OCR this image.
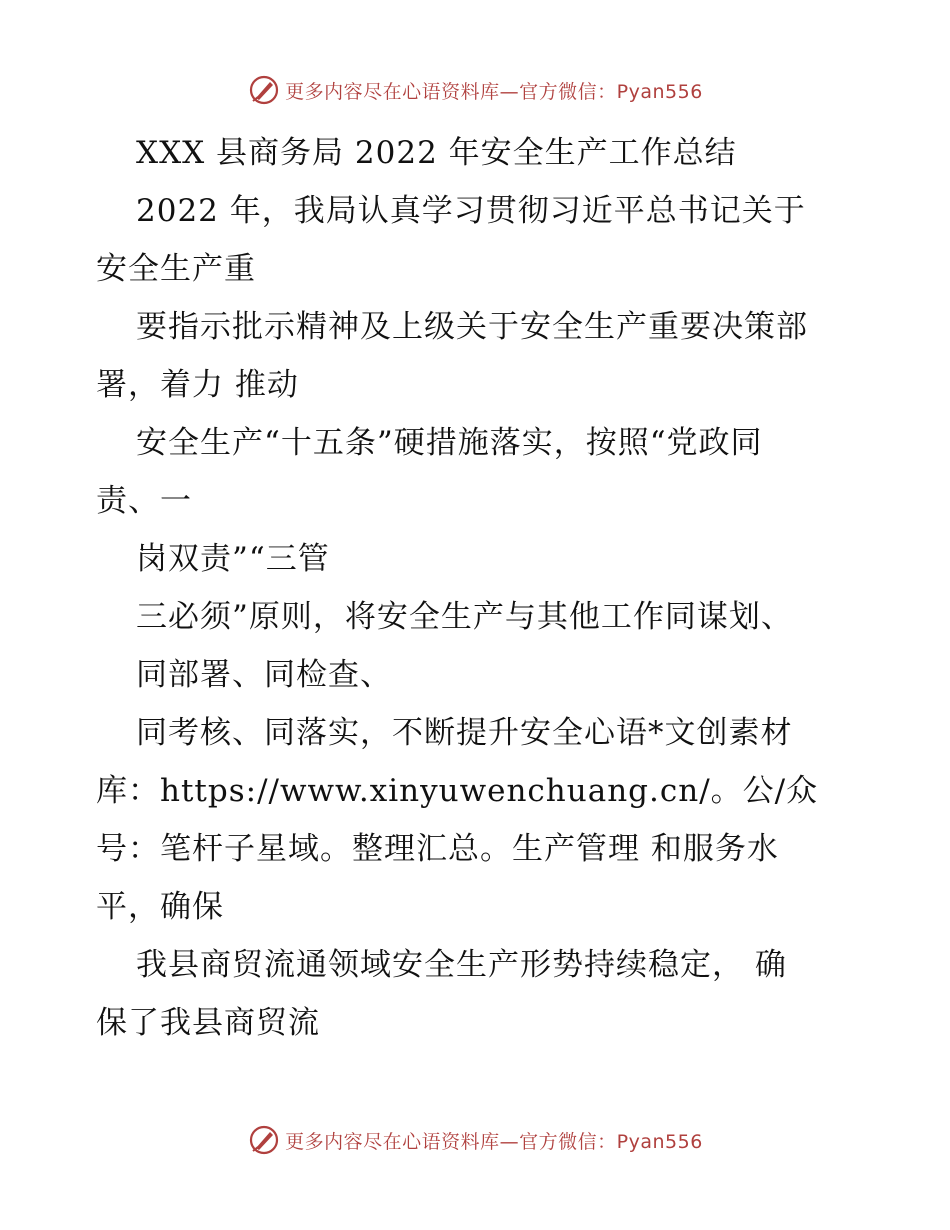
更多内容尽在心语资料库—官方微信：Pyan556
XXX 县商务局 2022 年安全生产工作总结
2022 年，我局认真学习贯彻习近平总书记关于
安全生产重
要指示批示精神及上级关于安全生产重要决策部
署，着力 推动
安全生产“十五条”硬措施落实，按照“党政同
责、一
岗双责”“三管
三必须”原则，将安全生产与其他工作同谋划、
同部署、同检查、
同考核、同落实，不断提升安全心语*文创素材
库：https://www.xinyuwenchuang.cn/。公/众
号：笔杆子星域。整理汇总。生产管理 和服务水
平，确保
我县商贸流通领域安全生产形势持续稳定， 确
保了我县商贸流
更多内容尽在心语资料库—官方微信：Pyan556
